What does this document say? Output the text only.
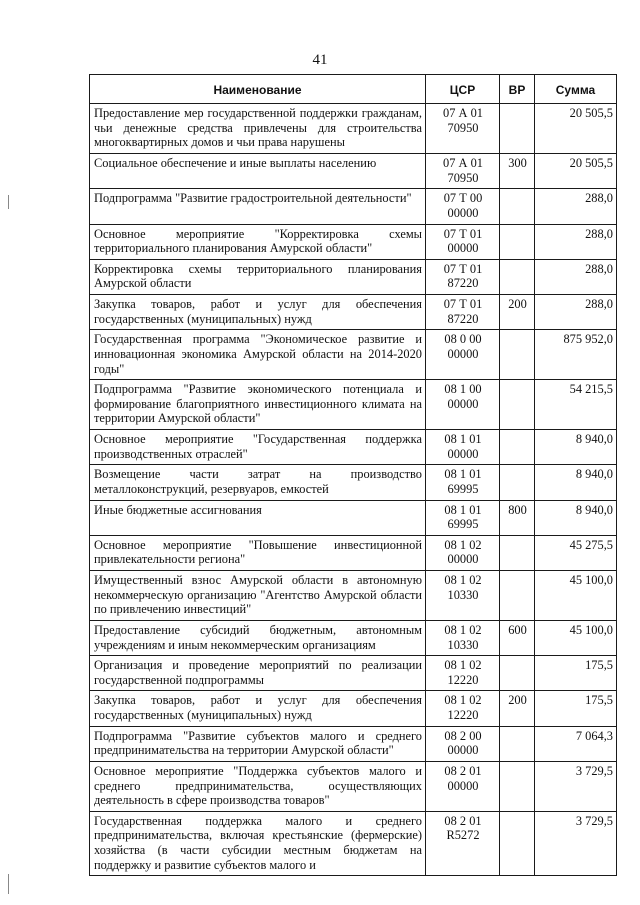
41
Наименование	ЦСР	ВР	Сумма
Предоставление мер государственной поддержки гражданам, чьи денежные средства привлечены для строительства многоквартирных домов и чьи права нарушены	07 А 01 70950		20 505,5
Социальное обеспечение и иные выплаты населению	07 А 01 70950	300	20 505,5
Подпрограмма "Развитие градостроительной деятельности"	07 Т 00 00000		288,0
Основное мероприятие "Корректировка схемы территориального планирования Амурской области"	07 Т 01 00000		288,0
Корректировка схемы территориального планирования Амурской области	07 Т 01 87220		288,0
Закупка товаров, работ и услуг для обеспечения государственных (муниципальных) нужд	07 Т 01 87220	200	288,0
Государственная программа "Экономическое развитие и инновационная экономика Амурской области на 2014-2020 годы"	08 0 00 00000		875 952,0
Подпрограмма "Развитие экономического потенциала и формирование благоприятного инвестиционного климата на территории Амурской области"	08 1 00 00000		54 215,5
Основное мероприятие "Государственная поддержка производственных отраслей"	08 1 01 00000		8 940,0
Возмещение части затрат на производство металлоконструкций, резервуаров, емкостей	08 1 01 69995		8 940,0
Иные бюджетные ассигнования	08 1 01 69995	800	8 940,0
Основное мероприятие "Повышение инвестиционной привлекательности региона"	08 1 02 00000		45 275,5
Имущественный взнос Амурской области в автономную некоммерческую организацию "Агентство Амурской области по привлечению инвестиций"	08 1 02 10330		45 100,0
Предоставление субсидий бюджетным, автономным учреждениям и иным некоммерческим организациям	08 1 02 10330	600	45 100,0
Организация и проведение мероприятий по реализации государственной подпрограммы	08 1 02 12220		175,5
Закупка товаров, работ и услуг для обеспечения государственных (муниципальных) нужд	08 1 02 12220	200	175,5
Подпрограмма "Развитие субъектов малого и среднего предпринимательства на территории Амурской области"	08 2 00 00000		7 064,3
Основное мероприятие "Поддержка субъектов малого и среднего предпринимательства, осуществляющих деятельность в сфере производства товаров"	08 2 01 00000		3 729,5
Государственная поддержка малого и среднего предпринимательства, включая крестьянские (фермерские) хозяйства (в части субсидии местным бюджетам на поддержку и развитие субъектов малого и	08 2 01 R5272		3 729,5
